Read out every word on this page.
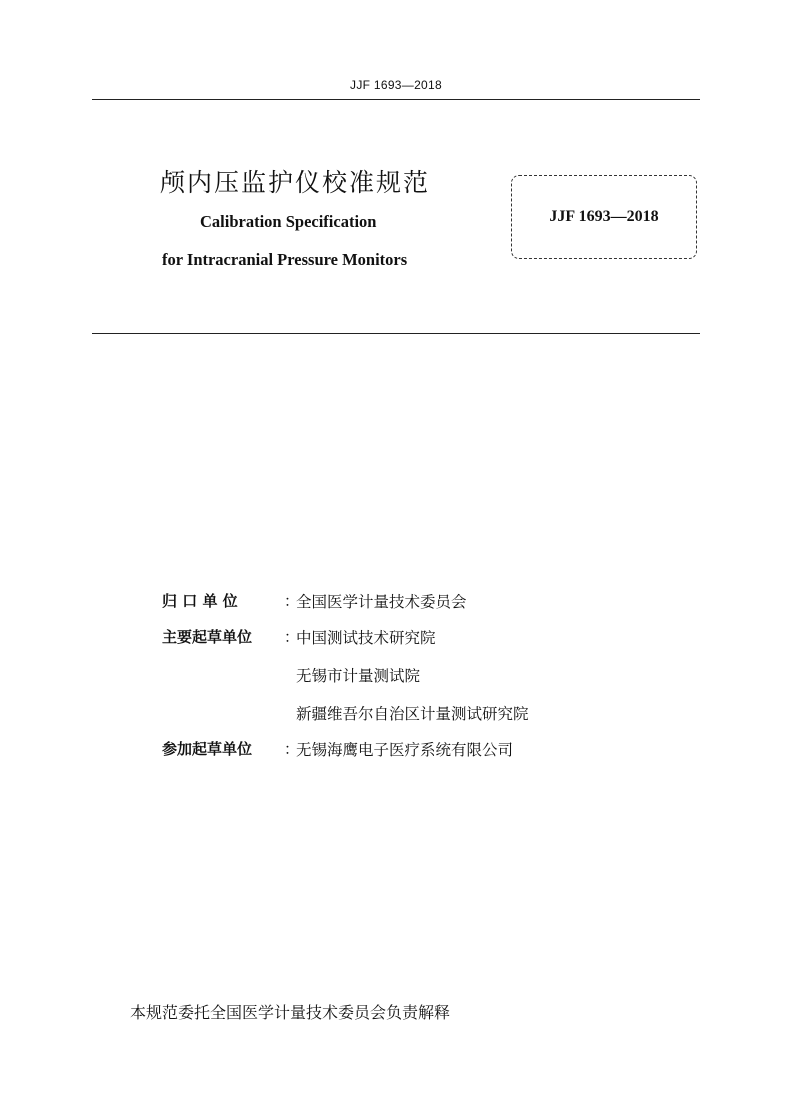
JJF 1693—2018
颅内压监护仪校准规范
Calibration Specification
for Intracranial Pressure Monitors
JJF 1693—2018
归 口 单 位	：
全国医学计量技术委员会
主要起草单位	：
中国测试技术研究院
无锡市计量测试院
新疆维吾尔自治区计量测试研究院
参加起草单位	：
无锡海鹰电子医疗系统有限公司
本规范委托全国医学计量技术委员会负责解释
